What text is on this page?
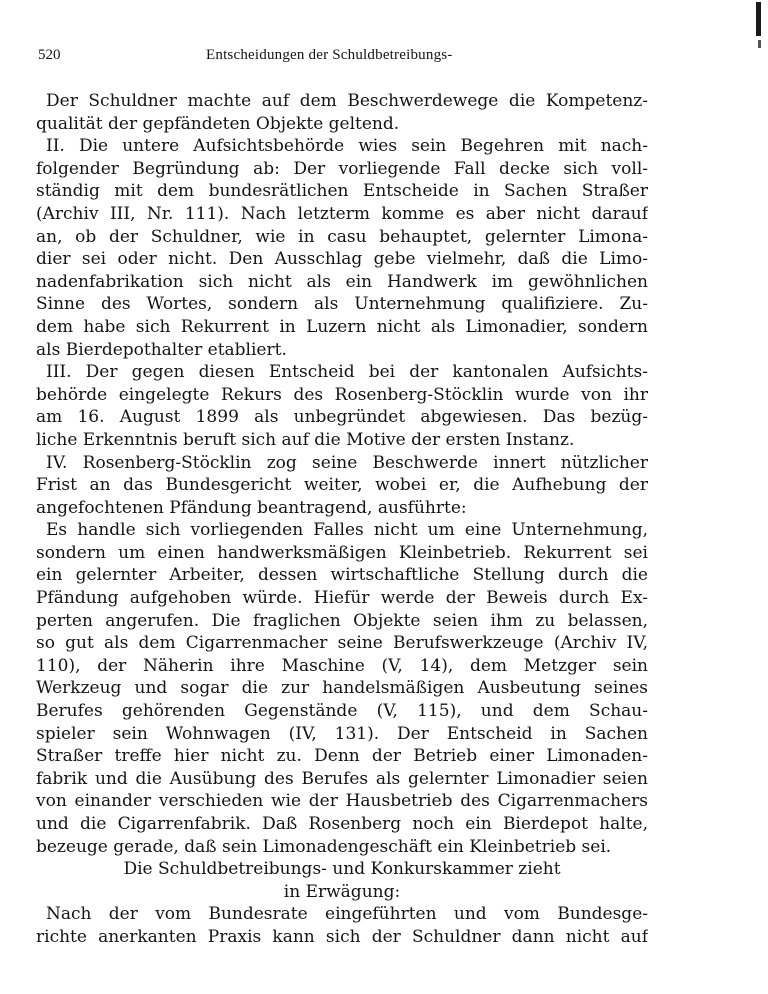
520	Entscheidungen der Schuldbetreibungs-
Der Schuldner machte auf dem Beschwerdewege die Kompetenz-
qualität der gepfändeten Objekte geltend.
II. Die untere Aufsichtsbehörde wies sein Begehren mit nach-
folgender Begründung ab: Der vorliegende Fall decke sich voll-
ständig mit dem bundesrätlichen Entscheide in Sachen Straßer
(Archiv III, Nr. 111). Nach letzterm komme es aber nicht darauf
an, ob der Schuldner, wie in casu behauptet, gelernter Limona-
dier sei oder nicht. Den Ausschlag gebe vielmehr, daß die Limo-
nadenfabrikation sich nicht als ein Handwerk im gewöhnlichen
Sinne des Wortes, sondern als Unternehmung qualifiziere. Zu-
dem habe sich Rekurrent in Luzern nicht als Limonadier, sondern
als Bierdepothalter etabliert.
III. Der gegen diesen Entscheid bei der kantonalen Aufsichts-
behörde eingelegte Rekurs des Rosenberg-Stöcklin wurde von ihr
am 16. August 1899 als unbegründet abgewiesen. Das bezüg-
liche Erkenntnis beruft sich auf die Motive der ersten Instanz.
IV. Rosenberg-Stöcklin zog seine Beschwerde innert nützlicher
Frist an das Bundesgericht weiter, wobei er, die Aufhebung der
angefochtenen Pfändung beantragend, ausführte:
Es handle sich vorliegenden Falles nicht um eine Unternehmung,
sondern um einen handwerksmäßigen Kleinbetrieb. Rekurrent sei
ein gelernter Arbeiter, dessen wirtschaftliche Stellung durch die
Pfändung aufgehoben würde. Hiefür werde der Beweis durch Ex-
perten angerufen. Die fraglichen Objekte seien ihm zu belassen,
so gut als dem Cigarrenmacher seine Berufswerkzeuge (Archiv IV,
110), der Näherin ihre Maschine (V, 14), dem Metzger sein
Werkzeug und sogar die zur handelsmäßigen Ausbeutung seines
Berufes gehörenden Gegenstände (V, 115), und dem Schau-
spieler sein Wohnwagen (IV, 131). Der Entscheid in Sachen
Straßer treffe hier nicht zu. Denn der Betrieb einer Limonaden-
fabrik und die Ausübung des Berufes als gelernter Limonadier seien
von einander verschieden wie der Hausbetrieb des Cigarrenmachers
und die Cigarrenfabrik. Daß Rosenberg noch ein Bierdepot halte,
bezeuge gerade, daß sein Limonadengeschäft ein Kleinbetrieb sei.
Die Schuldbetreibungs- und Konkurskammer zieht
in Erwägung:
Nach der vom Bundesrate eingeführten und vom Bundesge-
richte anerkanten Praxis kann sich der Schuldner dann nicht auf
